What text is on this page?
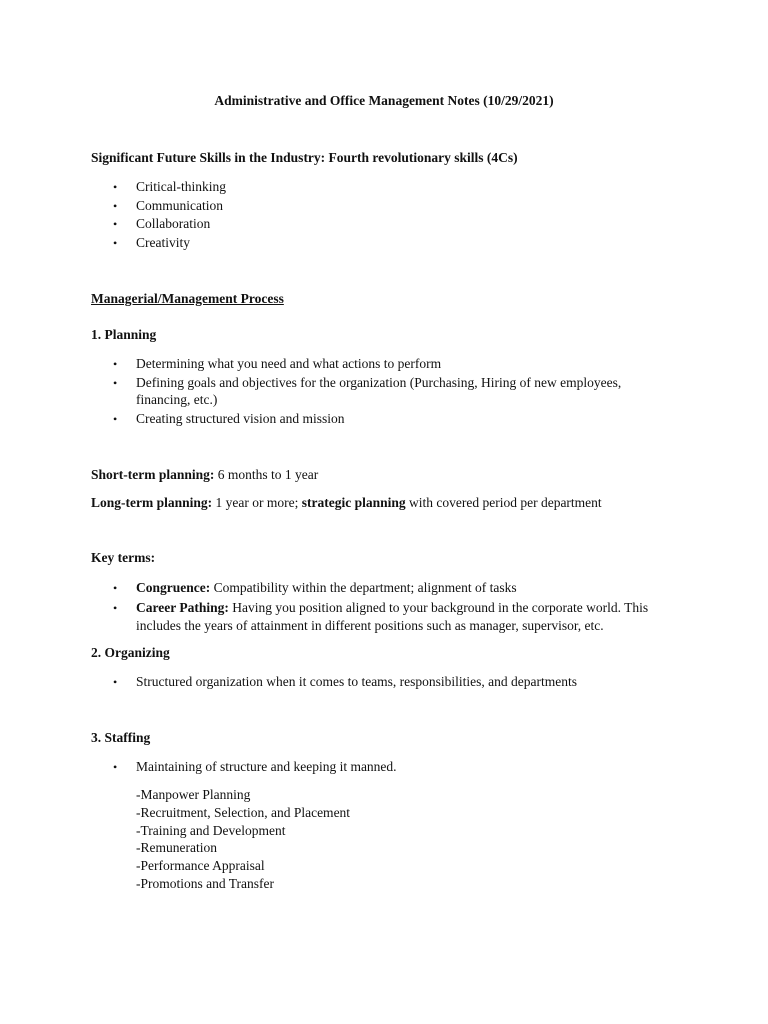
Administrative and Office Management Notes (10/29/2021)
Significant Future Skills in the Industry: Fourth revolutionary skills (4Cs)
• Critical-thinking
• Communication
• Collaboration
• Creativity
Managerial/Management Process
1. Planning
• Determining what you need and what actions to perform
• Defining goals and objectives for the organization (Purchasing, Hiring of new employees,
financing, etc.)
• Creating structured vision and mission
Short-term planning: 6 months to 1 year
Long-term planning: 1 year or more; strategic planning with covered period per department
Key terms:
• Congruence: Compatibility within the department; alignment of tasks
• Career Pathing: Having you position aligned to your background in the corporate world. This
includes the years of attainment in different positions such as manager, supervisor, etc.
2. Organizing
• Structured organization when it comes to teams, responsibilities, and departments
3. Staffing
• Maintaining of structure and keeping it manned.
-Manpower Planning
-Recruitment, Selection, and Placement
-Training and Development
-Remuneration
-Performance Appraisal
-Promotions and Transfer
